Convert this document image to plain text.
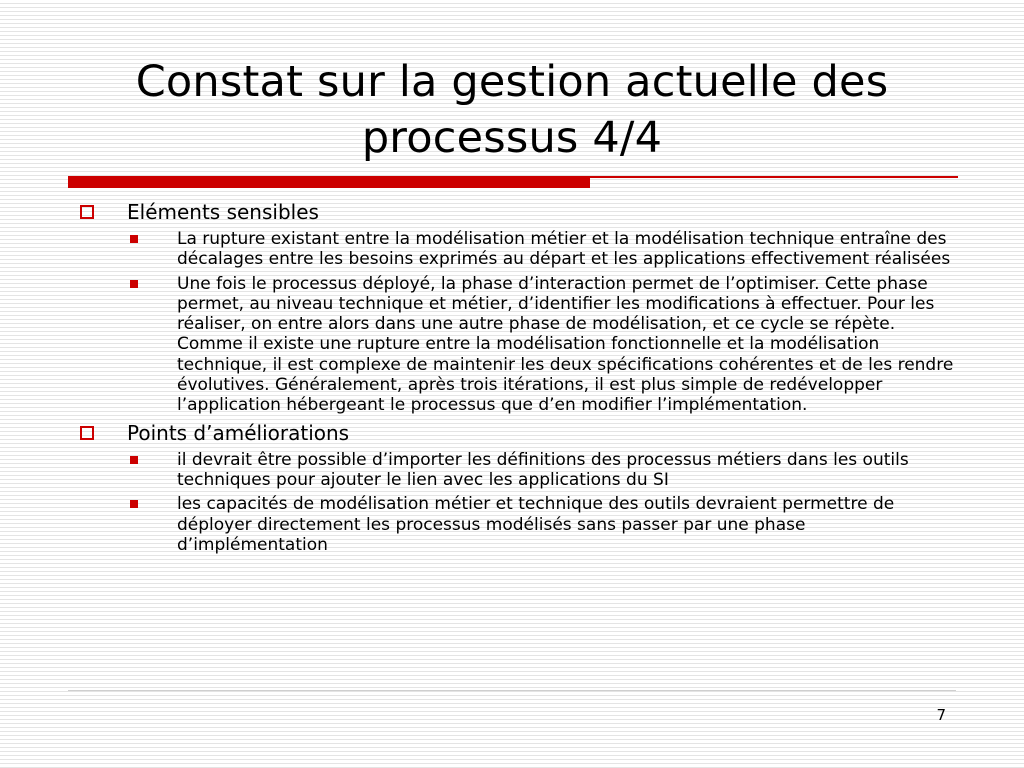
Constat sur la gestion actuelle des
processus 4/4
Eléments sensibles
La rupture existant entre la modélisation métier et la modélisation technique entraîne des décalages entre les besoins exprimés au départ et les applications effectivement réalisées
Une fois le processus déployé, la phase d’interaction permet de l’optimiser. Cette phase permet, au niveau technique et métier, d’identifier les modifications à effectuer. Pour les réaliser, on entre alors dans une autre phase de modélisation, et ce cycle se répète. Comme il existe une rupture entre la modélisation fonctionnelle et la modélisation technique, il est complexe de maintenir les deux spécifications cohérentes et de les rendre évolutives. Généralement, après trois itérations, il est plus simple de redévelopper l’application hébergeant le processus que d’en modifier l’implémentation.
Points d’améliorations
il devrait être possible d’importer les définitions des processus métiers dans les outils techniques pour ajouter le lien avec les applications du SI
les capacités de modélisation métier et technique des outils devraient permettre de déployer directement les processus modélisés sans passer par une phase d’implémentation
7
